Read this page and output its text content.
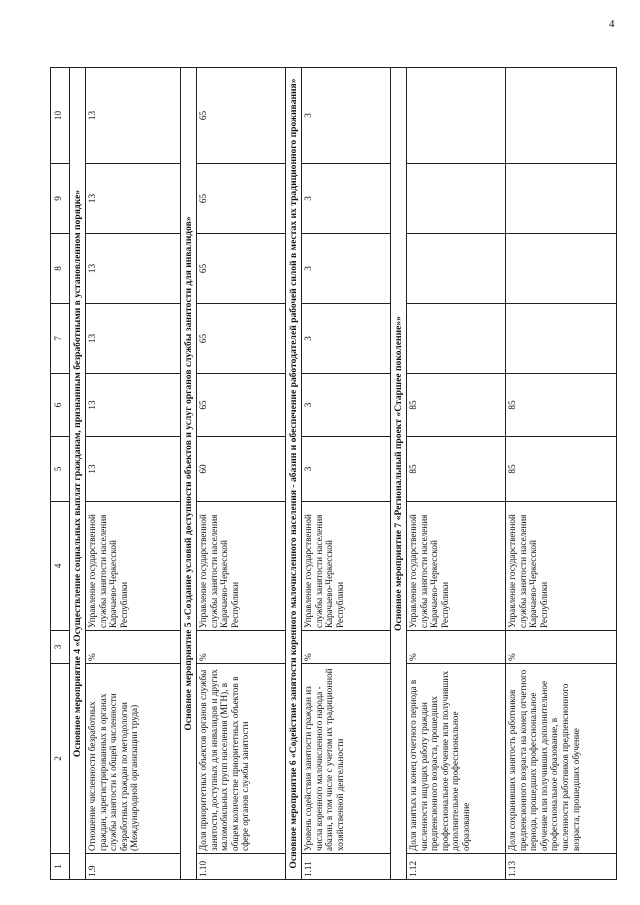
4
1	2	3	4	5	6	7	8	9	10
Основное мероприятие 4 «Осуществление социальных выплат гражданам, признанным безработными в установленном порядке»									
1.9	Отношение численности безработных граждан, зарегистрированных в органах службы занятости к общей численности безработных граждан по методологии (Международной организации труда)	%	Управление государственной службы занятости населения Карачаево-Черкесской Республики	13	13	13	13	13	13
Основное мероприятие 5 «Создание условий доступности объектов и услуг органов службы занятости для инвалидов»									
1.10	Доля приоритетных объектов органов службы занятости, доступных для инвалидов и других маломобильных групп населения (МГН), в общем количестве приоритетных объектов в сфере органов службы занятости	%	Управление государственной службы занятости населения Карачаево-Черкесской Республики	60	65	65	65	65	65
Основное мероприятие 6 «Содействие занятости коренного малочисленного населения - абазин и обеспечение работодателей рабочей силой в местах их традиционного проживания»									
1.11	Уровень содействия занятости граждан из числа коренного малочисленного народа - абазин, в том числе с учетом их традиционной хозяйственной деятельности	%	Управление государственной службы занятости населения Карачаево-Черкесской Республики	3	3	3	3	3	3
Основное мероприятие 7 «Региональный проект «Старшее поколение»»									
1.12	Доля занятых на конец отчетного периода в численности ищущих работу граждан предпенсионного возраста, прошедших профессиональное обучение или получивших дополнительное профессиональное образование	%	Управление государственной службы занятости населения Карачаево-Черкесской Республики	85	85				
1.13	Доля сохранивших занятость работников предпенсионного возраста на конец отчетного периода, прошедших профессиональное обучение или получивших дополнительное профессиональное образование, в численности работников предпенсионного возраста, прошедших обучение	%	Управление государственной службы занятости населения Карачаево-Черкесской Республики	85	85				
